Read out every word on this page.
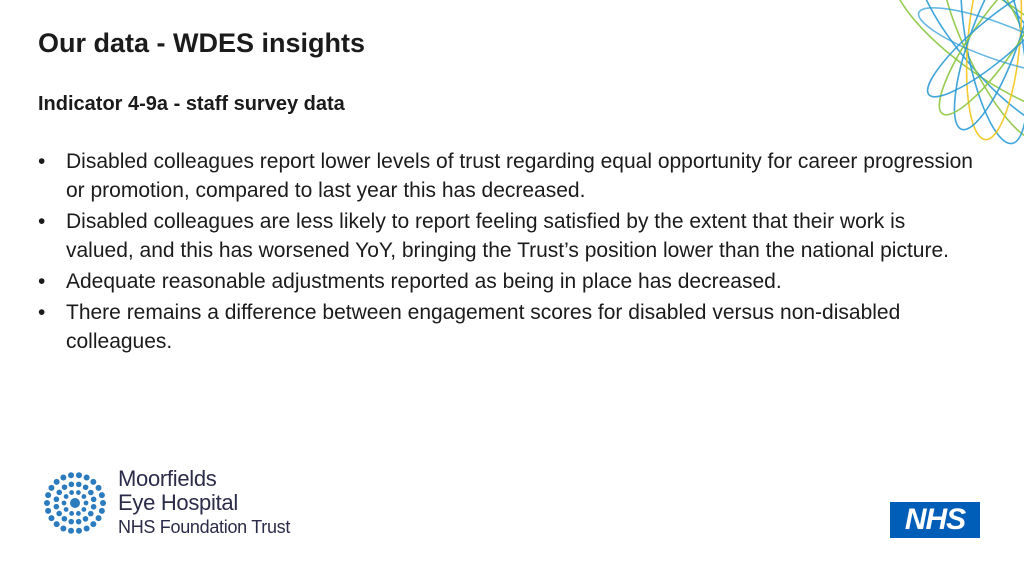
Our data - WDES insights
Indicator 4-9a - staff survey data
• Disabled colleagues report lower levels of trust regarding equal opportunity for career progression or promotion, compared to last year this has decreased.
• Disabled colleagues are less likely to report feeling satisfied by the extent that their work is valued, and this has worsened YoY, bringing the Trust’s position lower than the national picture.
• Adequate reasonable adjustments reported as being in place has decreased.
• There remains a difference between engagement scores for disabled versus non-disabled colleagues.
Moorfields
Eye Hospital
NHS Foundation Trust	NHS
